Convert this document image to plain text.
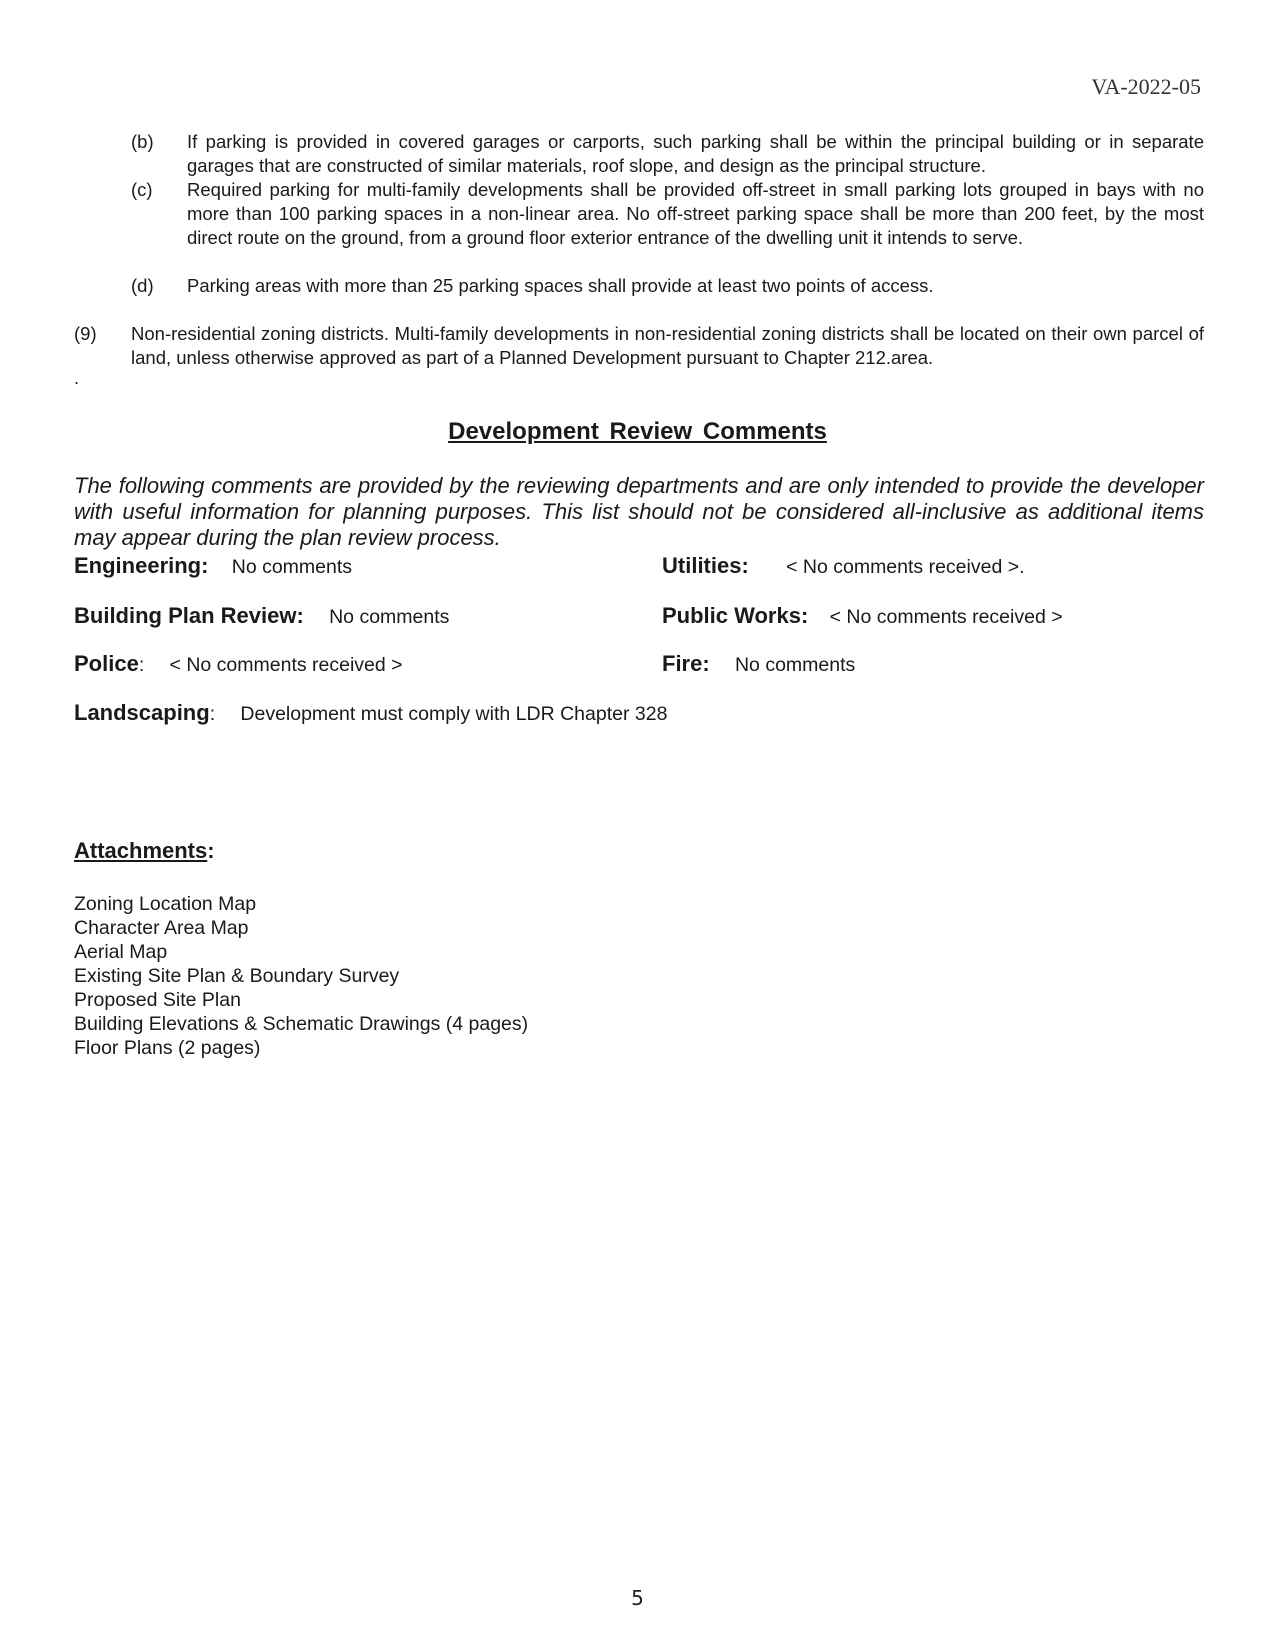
VA-2022-05
(b) If parking is provided in covered garages or carports, such parking shall be within the principal building or in separate garages that are constructed of similar materials, roof slope, and design as the principal structure.
(c) Required parking for multi-family developments shall be provided off-street in small parking lots grouped in bays with no more than 100 parking spaces in a non-linear area. No off-street parking space shall be more than 200 feet, by the most direct route on the ground, from a ground floor exterior entrance of the dwelling unit it intends to serve.
(d) Parking areas with more than 25 parking spaces shall provide at least two points of access.
(9) Non-residential zoning districts. Multi-family developments in non-residential zoning districts shall be located on their own parcel of land, unless otherwise approved as part of a Planned Development pursuant to Chapter 212.area.
.
Development Review Comments
The following comments are provided by the reviewing departments and are only intended to provide the developer with useful information for planning purposes. This list should not be considered all-inclusive as additional items may appear during the plan review process.
Engineering: No comments	Utilities: < No comments received >.
Building Plan Review: No comments	Public Works: < No comments received >
Police: < No comments received >	Fire: No comments
Landscaping: Development must comply with LDR Chapter 328
Attachments:
Zoning Location Map
Character Area Map
Aerial Map
Existing Site Plan & Boundary Survey
Proposed Site Plan
Building Elevations & Schematic Drawings (4 pages)
Floor Plans (2 pages)
5
